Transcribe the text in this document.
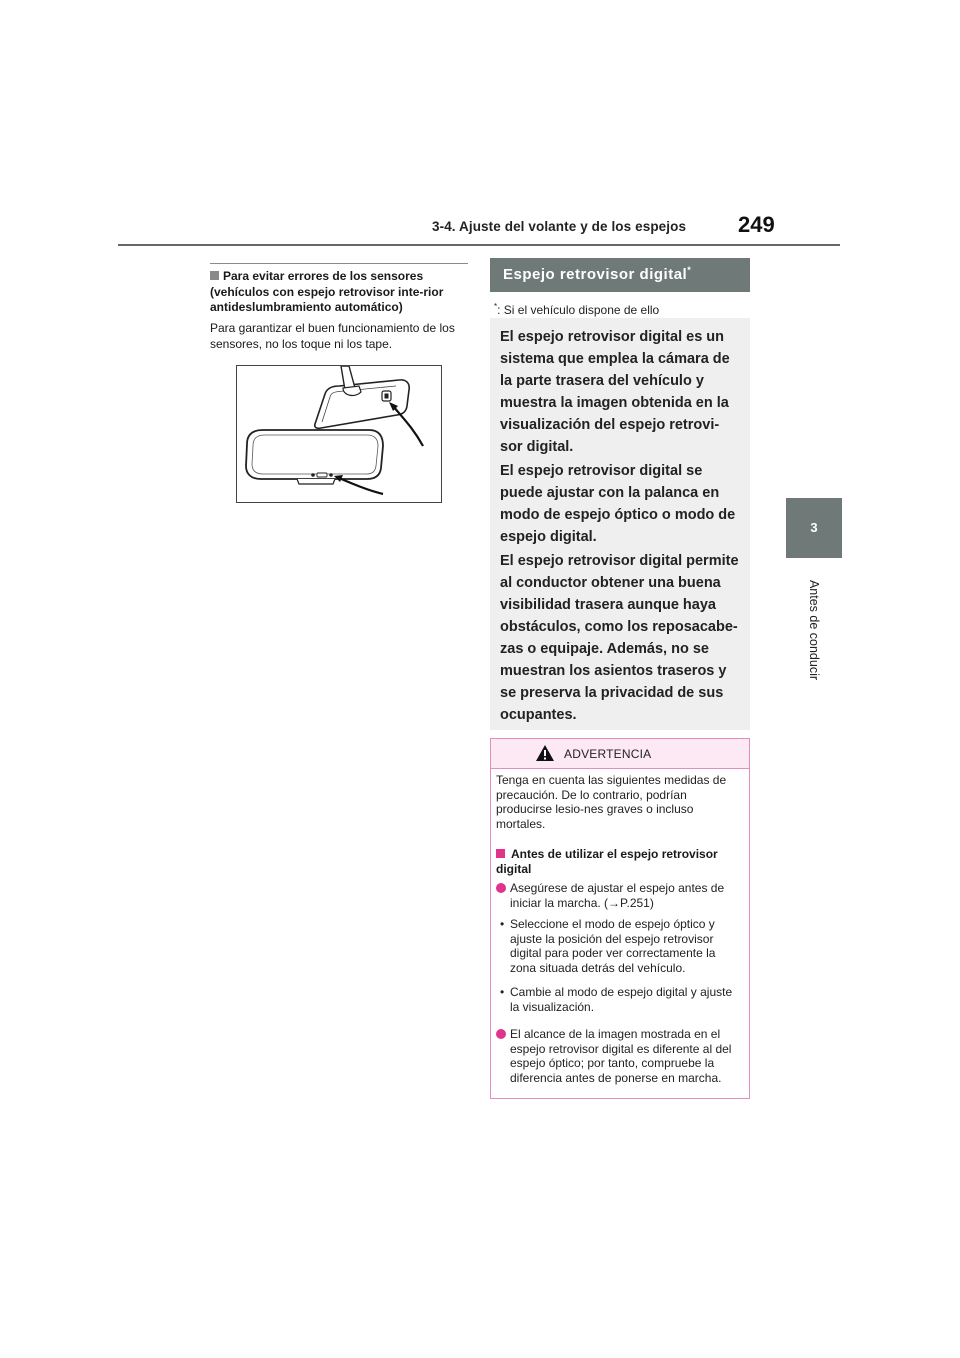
3-4. Ajuste del volante y de los espejos 249
3
Antes de conducir
Para evitar errores de los sensores (vehículos con espejo retrovisor inte-rior antideslumbramiento automático)
Para garantizar el buen funcionamiento de los sensores, no los toque ni los tape.
Espejo retrovisor digital*
*: Si el vehículo dispone de ello

El espejo retrovisor digital es un sistema que emplea la cámara de la parte trasera del vehículo y muestra la imagen obtenida en la visualización del espejo retrovi-sor digital.

El espejo retrovisor digital se puede ajustar con la palanca en modo de espejo óptico o modo de espejo digital.

El espejo retrovisor digital permite al conductor obtener una buena visibilidad trasera aunque haya obstáculos, como los reposacabe-zas o equipaje. Además, no se muestran los asientos traseros y se preserva la privacidad de sus ocupantes.

ADVERTENCIA
Tenga en cuenta las siguientes medidas de precaución. De lo contrario, podrían producirse lesio-nes graves o incluso mortales.
Antes de utilizar el espejo retrovisor digital
Asegúrese de ajustar el espejo antes de iniciar la marcha. (→P.251)
• Seleccione el modo de espejo óptico y ajuste la posición del espejo retrovisor digital para poder ver correctamente la zona situada detrás del vehículo.
• Cambie al modo de espejo digital y ajuste la visualización.
El alcance de la imagen mostrada en el espejo retrovisor digital es diferente al del espejo óptico; por tanto, compruebe la diferencia antes de ponerse en marcha.
